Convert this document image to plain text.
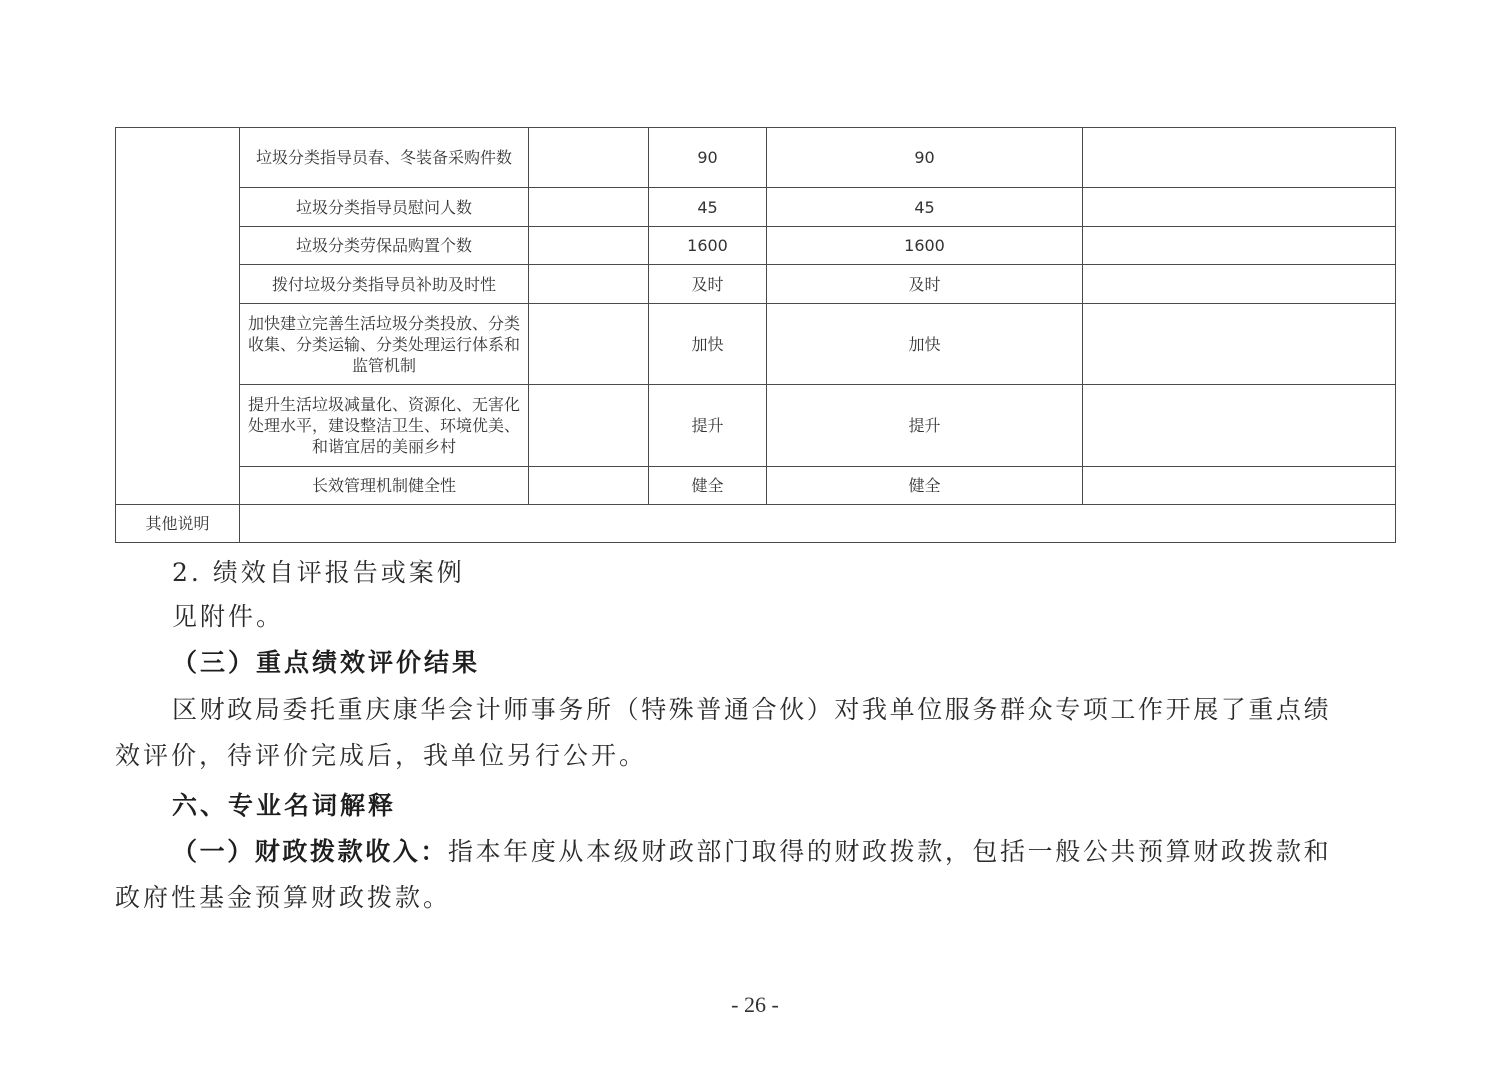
	垃圾分类指导员春、冬装备采购件数		90	90	
	垃圾分类指导员慰问人数		45	45	
	垃圾分类劳保品购置个数		1600	1600	
	拨付垃圾分类指导员补助及时性		及时	及时	
	加快建立完善生活垃圾分类投放、分类收集、分类运输、分类处理运行体系和监管机制		加快	加快	
	提升生活垃圾减量化、资源化、无害化处理水平，建设整洁卫生、环境优美、和谐宜居的美丽乡村		提升	提升	
	长效管理机制健全性		健全	健全	
其他说明					
2. 绩效自评报告或案例
见附件。
（三）重点绩效评价结果
区财政局委托重庆康华会计师事务所（特殊普通合伙）对我单位服务群众专项工作开展了重点绩
效评价，待评价完成后，我单位另行公开。
六、专业名词解释
（一）财政拨款收入：指本年度从本级财政部门取得的财政拨款，包括一般公共预算财政拨款和
政府性基金预算财政拨款。
- 26 -
